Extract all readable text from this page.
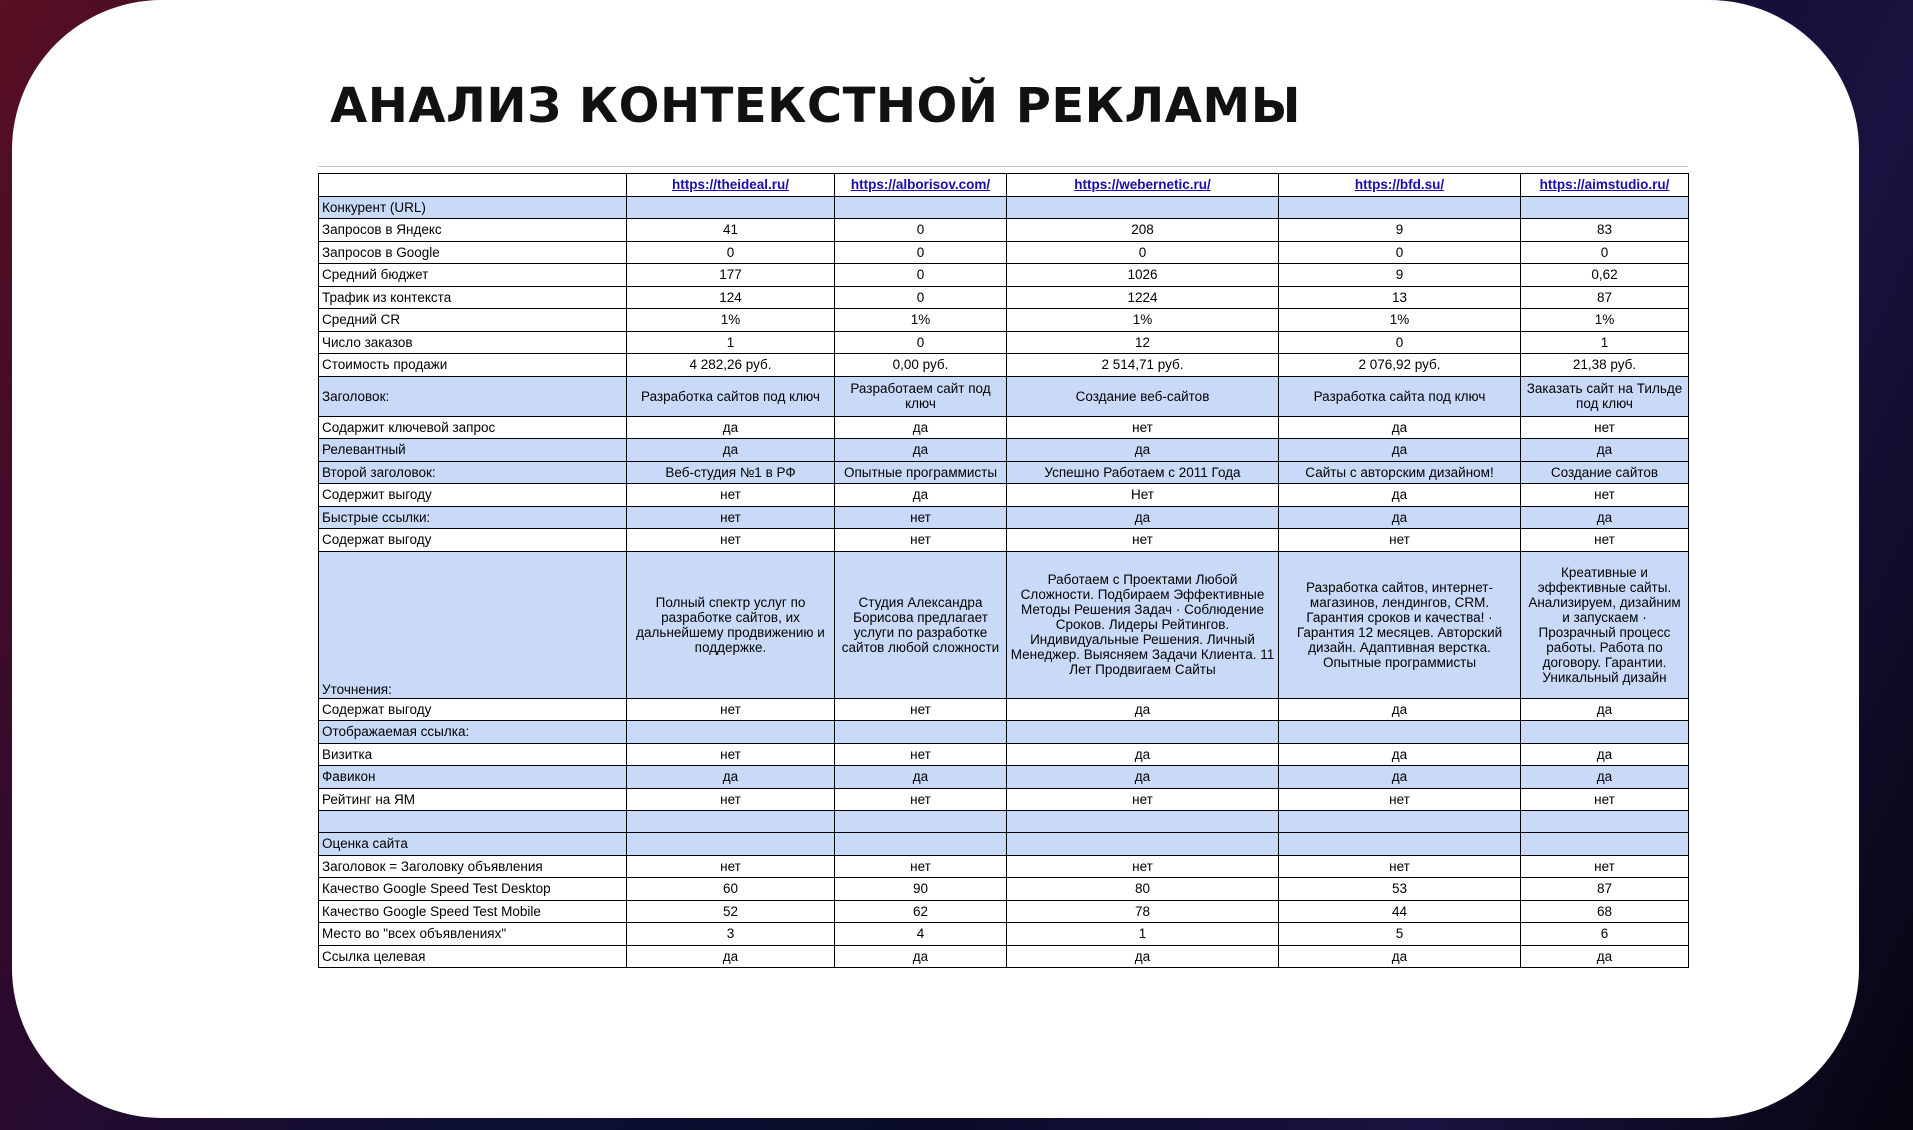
АНАЛИЗ КОНТЕКСТНОЙ РЕКЛАМЫ
	https://theideal.ru/	https://alborisov.com/	https://webernetic.ru/	https://bfd.su/	https://aimstudio.ru/
Конкурент (URL)					
Запросов в Яндекс	41	0	208	9	83
Запросов в Google	0	0	0	0	0
Средний бюджет	177	0	1026	9	0,62
Трафик из контекста	124	0	1224	13	87
Средний CR	1%	1%	1%	1%	1%
Число заказов	1	0	12	0	1
Стоимость продажи	4 282,26 руб.	0,00 руб.	2 514,71 руб.	2 076,92 руб.	21,38 руб.
Заголовок:	Разработка сайтов под ключ	Разработаем сайт под ключ	Создание веб-сайтов	Разработка сайта под ключ	Заказать сайт на Тильде под ключ
Содаржит ключевой запрос	да	да	нет	да	нет
Релевантный	да	да	да	да	да
Второй заголовок:	Веб-студия №1 в РФ	Опытные программисты	Успешно Работаем с 2011 Года	Сайты с авторским дизайном!	Создание сайтов
Содержит выгоду	нет	да	Нет	да	нет
Быстрые ссылки:	нет	нет	да	да	да
Содержат выгоду	нет	нет	нет	нет	нет
Уточнения:	Полный спектр услуг по разработке сайтов, их дальнейшему продвижению и поддержке.	Студия Александра Борисова предлагает услуги по разработке сайтов любой сложности	Работаем с Проектами Любой Сложности. Подбираем Эффективные Методы Решения Задач · Соблюдение Сроков. Лидеры Рейтингов. Индивидуальные Решения. Личный Менеджер. Выясняем Задачи Клиента. 11 Лет Продвигаем Сайты	Разработка сайтов, интернет-магазинов, лендингов, CRM. Гарантия сроков и качества! · Гарантия 12 месяцев. Авторский дизайн. Адаптивная верстка. Опытные программисты	Креативные и эффективные сайты. Анализируем, дизайним и запускаем · Прозрачный процесс работы. Работа по договору. Гарантии. Уникальный дизайн
Содержат выгоду	нет	нет	да	да	да
Отображаемая ссылка:					
Визитка	нет	нет	да	да	да
Фавикон	да	да	да	да	да
Рейтинг на ЯМ	нет	нет	нет	нет	нет

Оценка сайта					
Заголовок = Заголовку объявления	нет	нет	нет	нет	нет
Качество Google Speed Test Desktop	60	90	80	53	87
Качество Google Speed Test Mobile	52	62	78	44	68
Место во "всех объявлениях"	3	4	1	5	6
Ссылка целевая	да	да	да	да	да
